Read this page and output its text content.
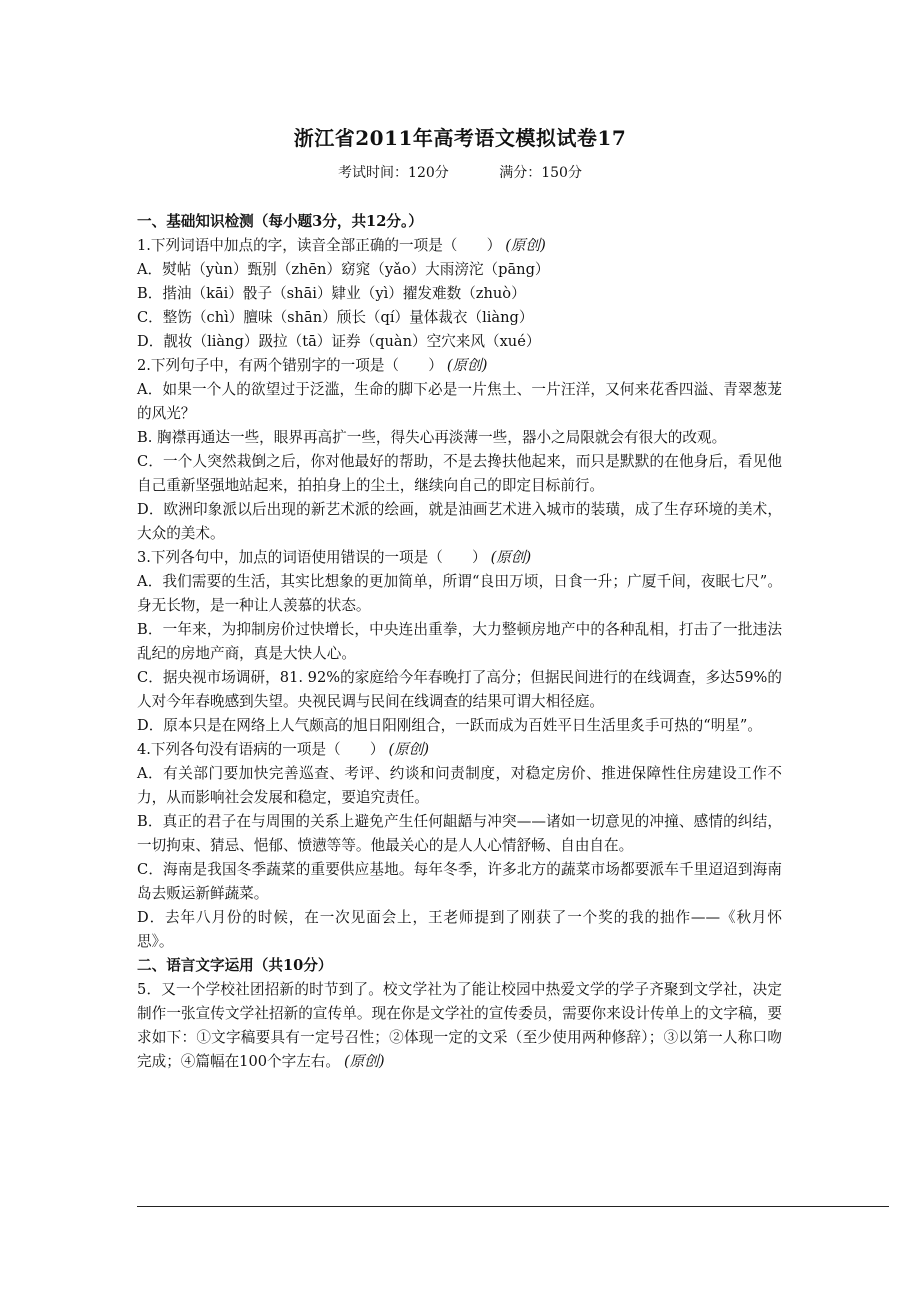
浙江省2011年高考语文模拟试卷17
考试时间：120分	满分：150分

一、基础知识检测（每小题3分，共12分。）

1.下列词语中加点的字，读音全部正确的一项是（　　） (原创)

A．熨帖（yùn）甄别（zhēn）窈窕（yǎo）大雨滂沱（pāng）

B．揩油（kāi）骰子（shāi）肄业（yì）擢发难数（zhuò）

C．整饬（chì）膻味（shān）颀长（qí）量体裁衣（liàng）

D．靓妆（liàng）趿拉（tā）证券（quàn）空穴来风（xué）

2.下列句子中，有两个错别字的一项是（　　） (原创)

A．如果一个人的欲望过于泛滥，生命的脚下必是一片焦土、一片汪洋，又何来花香四溢、青翠葱茏的风光？

B. 胸襟再通达一些，眼界再高扩一些，得失心再淡薄一些，器小之局限就会有很大的改观。

C．一个人突然栽倒之后，你对他最好的帮助，不是去搀扶他起来，而只是默默的在他身后，看见他自己重新坚强地站起来，拍拍身上的尘土，继续向自己的即定目标前行。

D．欧洲印象派以后出现的新艺术派的绘画，就是油画艺术进入城市的装璜，成了生存环境的美术，大众的美术。

3.下列各句中，加点的词语使用错误的一项是（　　） (原创)

A．我们需要的生活，其实比想象的更加简单，所谓“良田万顷，日食一升；广厦千间，夜眠七尺”。身无长物，是一种让人羡慕的状态。

B．一年来，为抑制房价过快增长，中央连出重拳，大力整顿房地产中的各种乱相，打击了一批违法乱纪的房地产商，真是大快人心。

C．据央视市场调研，81. 92%的家庭给今年春晚打了高分；但据民间进行的在线调查，多达59%的人对今年春晚感到失望。央视民调与民间在线调查的结果可谓大相径庭。

D．原本只是在网络上人气颇高的旭日阳刚组合，一跃而成为百姓平日生活里炙手可热的“明星”。

4.下列各句没有语病的一项是（　　） (原创)

A．有关部门要加快完善巡查、考评、约谈和问责制度，对稳定房价、推进保障性住房建设工作不力，从而影响社会发展和稳定，要追究责任。

B．真正的君子在与周围的关系上避免产生任何龃龉与冲突——诸如一切意见的冲撞、感情的纠结，一切拘束、猜忌、悒郁、愤懑等等。他最关心的是人人心情舒畅、自由自在。

C．海南是我国冬季蔬菜的重要供应基地。每年冬季，许多北方的蔬菜市场都要派车千里迢迢到海南岛去贩运新鲜蔬菜。

D．去年八月份的时候，在一次见面会上，王老师提到了刚获了一个奖的我的拙作——《秋月怀思》。

二、语言文字运用（共10分）

5．又一个学校社团招新的时节到了。校文学社为了能让校园中热爱文学的学子齐聚到文学社，决定制作一张宣传文学社招新的宣传单。现在你是文学社的宣传委员，需要你来设计传单上的文字稿，要求如下：①文字稿要具有一定号召性；②体现一定的文采（至少使用两种修辞）；③以第一人称口吻完成；④篇幅在100个字左右。 (原创)
